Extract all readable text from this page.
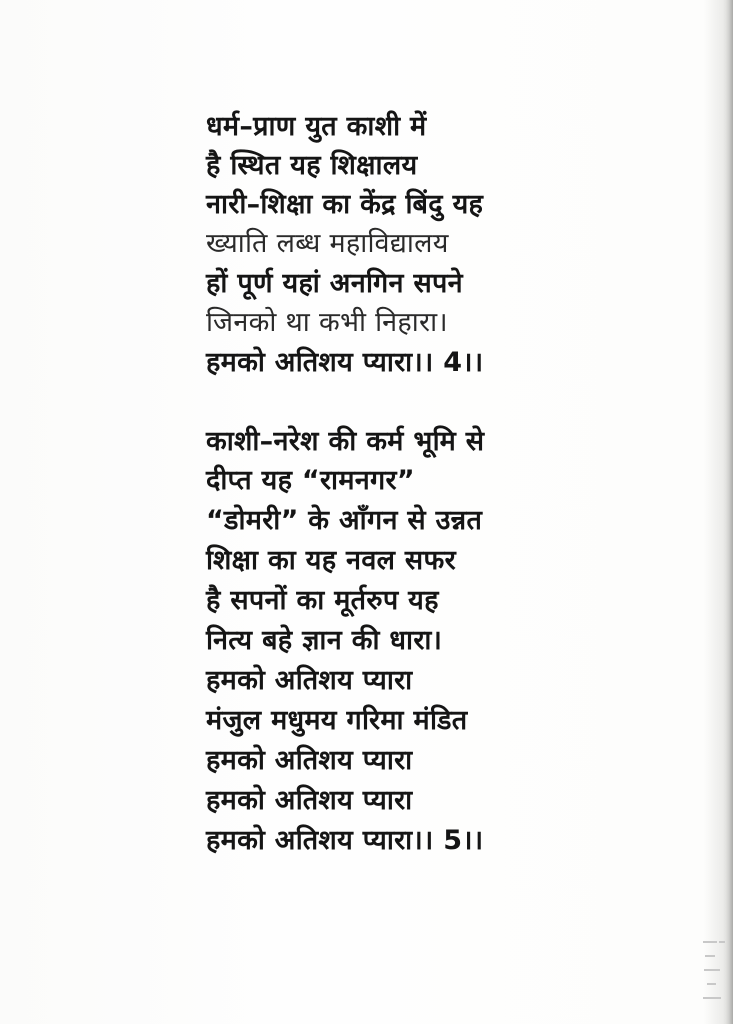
धर्म–प्राण युत काशी में
है स्थित यह शिक्षालय
नारी–शिक्षा का केंद्र बिंदु यह
ख्याति लब्ध महाविद्यालय
हों पूर्ण यहां अनगिन सपने
जिनको था कभी निहारा।
हमको अतिशय प्यारा।। 4।।
काशी–नरेश की कर्म भूमि से
दीप्त यह “रामनगर”
“डोमरी” के आँगन से उन्नत
शिक्षा का यह नवल सफर
है सपनों का मूर्तरुप यह
नित्य बहे ज्ञान की धारा।
हमको अतिशय प्यारा
मंजुल मधुमय गरिमा मंडित
हमको अतिशय प्यारा
हमको अतिशय प्यारा
हमको अतिशय प्यारा।। 5।।
